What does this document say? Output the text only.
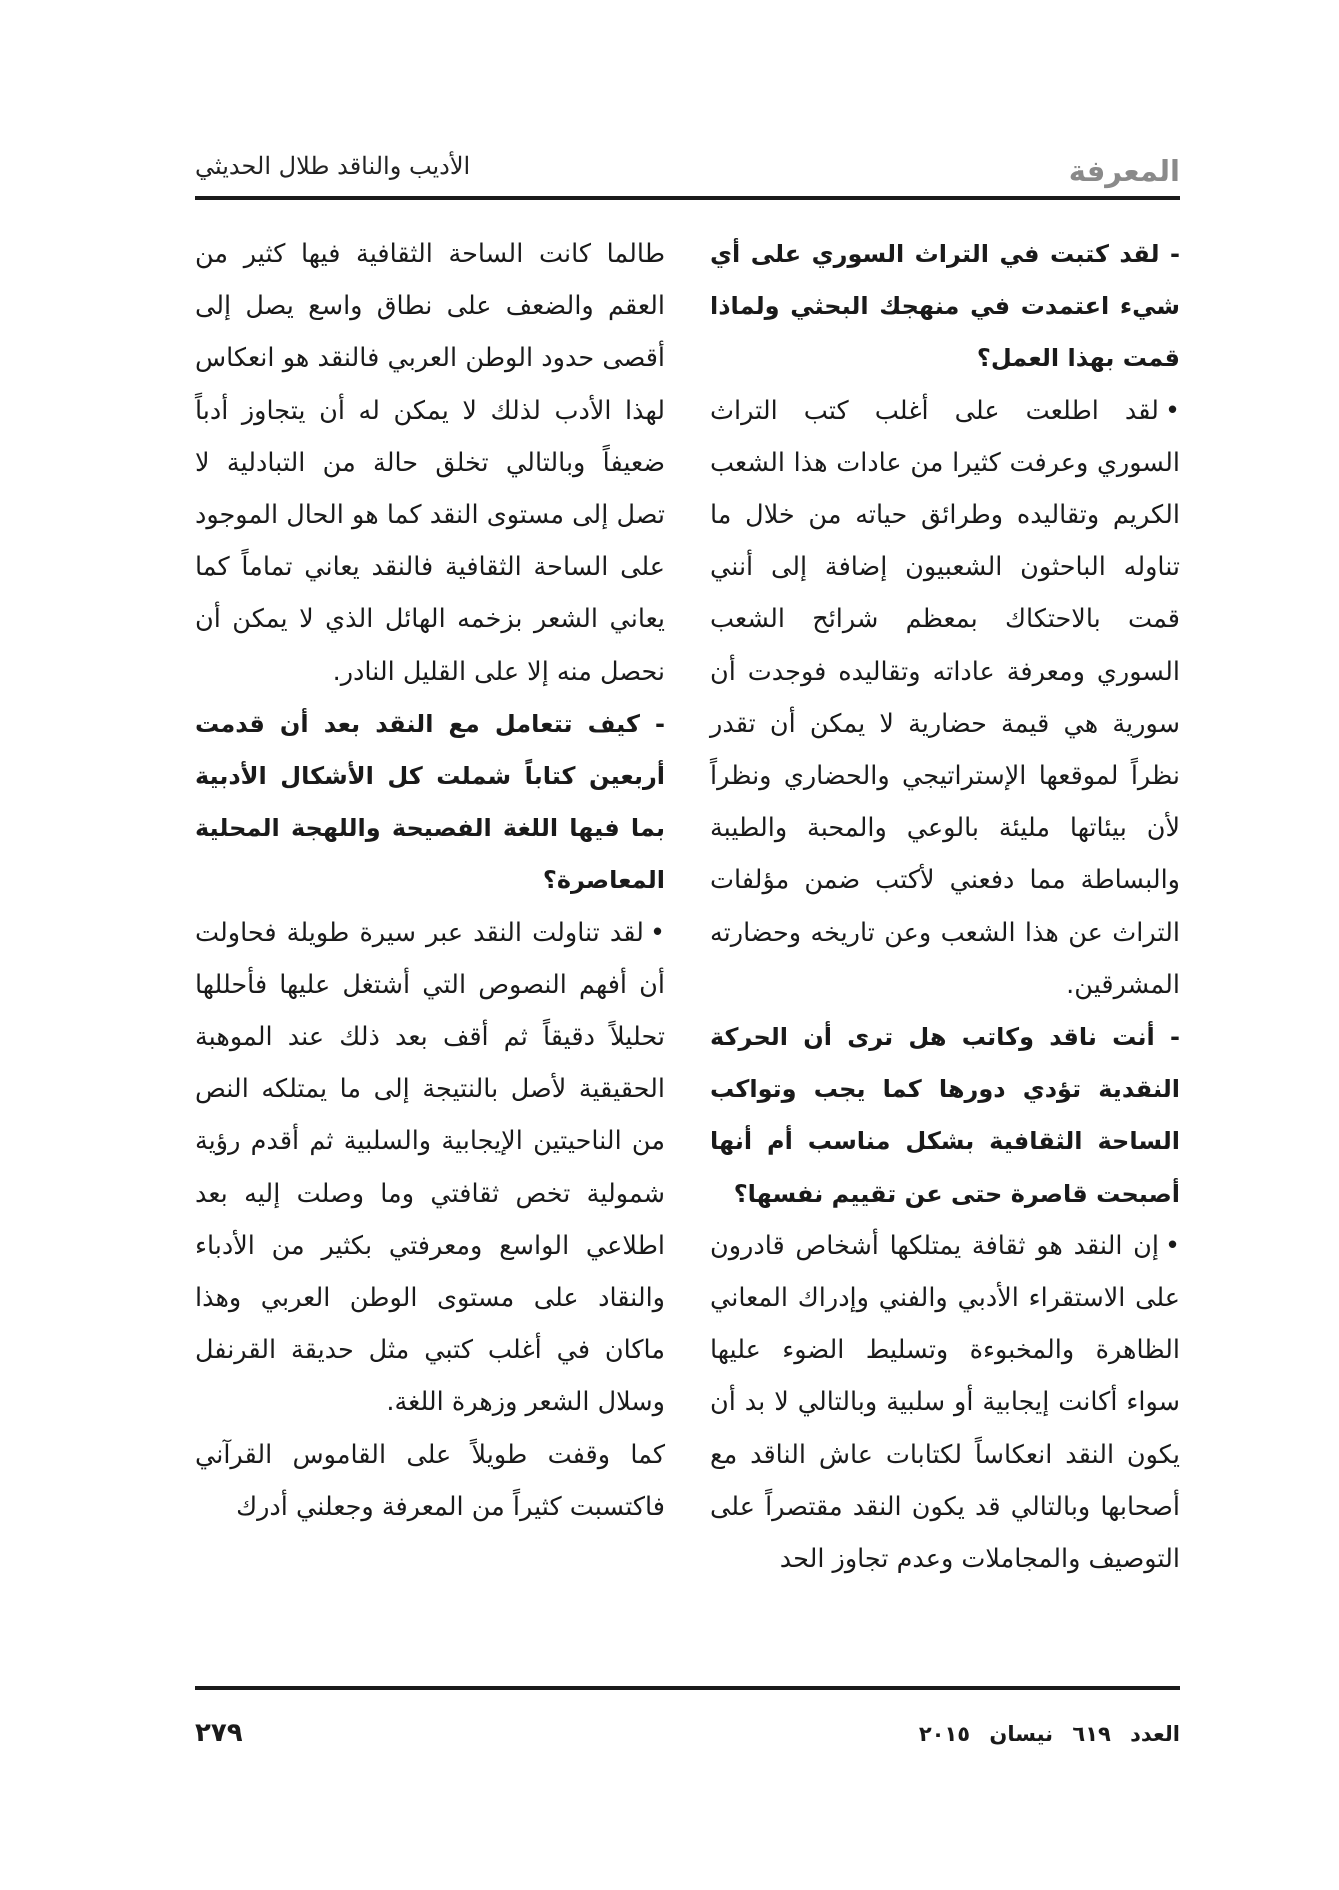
المعرفة
الأديب والناقد طلال الحديثي

- لقد كتبت في التراث السوري على أي شيء اعتمدت في منهجك البحثي ولماذا قمت بهذا العمل؟

•لقد اطلعت على أغلب كتب التراث السوري وعرفت كثيرا من عادات هذا الشعب الكريم وتقاليده وطرائق حياته من خلال ما تناوله الباحثون الشعبيون إضافة إلى أنني قمت بالاحتكاك بمعظم شرائح الشعب السوري ومعرفة عاداته وتقاليده فوجدت أن سورية هي قيمة حضارية لا يمكن أن تقدر نظراً لموقعها الإستراتيجي والحضاري ونظراً لأن بيئاتها مليئة بالوعي والمحبة والطيبة والبساطة مما دفعني لأكتب ضمن مؤلفات التراث عن هذا الشعب وعن تاريخه وحضارته المشرقين.

- أنت ناقد وكاتب هل ترى أن الحركة النقدية تؤدي دورها كما يجب وتواكب الساحة الثقافية بشكل مناسب أم أنها أصبحت قاصرة حتى عن تقييم نفسها؟

•إن النقد هو ثقافة يمتلكها أشخاص قادرون على الاستقراء الأدبي والفني وإدراك المعاني الظاهرة والمخبوءة وتسليط الضوء عليها سواء أكانت إيجابية أو سلبية وبالتالي لا بد أن يكون النقد انعكاساً لكتابات عاش الناقد مع أصحابها وبالتالي قد يكون النقد مقتصراً على التوصيف والمجاملات وعدم تجاوز الحد

طالما كانت الساحة الثقافية فيها كثير من العقم والضعف على نطاق واسع يصل إلى أقصى حدود الوطن العربي فالنقد هو انعكاس لهذا الأدب لذلك لا يمكن له أن يتجاوز أدباً ضعيفاً وبالتالي تخلق حالة من التبادلية لا تصل إلى مستوى النقد كما هو الحال الموجود على الساحة الثقافية فالنقد يعاني تماماً كما يعاني الشعر بزخمه الهائل الذي لا يمكن أن نحصل منه إلا على القليل النادر.

- كيف تتعامل مع النقد بعد أن قدمت أربعين كتاباً شملت كل الأشكال الأدبية بما فيها اللغة الفصيحة واللهجة المحلية المعاصرة؟

•لقد تناولت النقد عبر سيرة طويلة فحاولت أن أفهم النصوص التي أشتغل عليها فأحللها تحليلاً دقيقاً ثم أقف بعد ذلك عند الموهبة الحقيقية لأصل بالنتيجة إلى ما يمتلكه النص من الناحيتين الإيجابية والسلبية ثم أقدم رؤية شمولية تخص ثقافتي وما وصلت إليه بعد اطلاعي الواسع ومعرفتي بكثير من الأدباء والنقاد على مستوى الوطن العربي وهذا ماكان في أغلب كتبي مثل حديقة القرنفل وسلال الشعر وزهرة اللغة.

كما وقفت طويلاً على القاموس القرآني فاكتسبت كثيراً من المعرفة وجعلني أدرك

العدد ٦١٩ نيسان ٢٠١٥
٢٧٩
